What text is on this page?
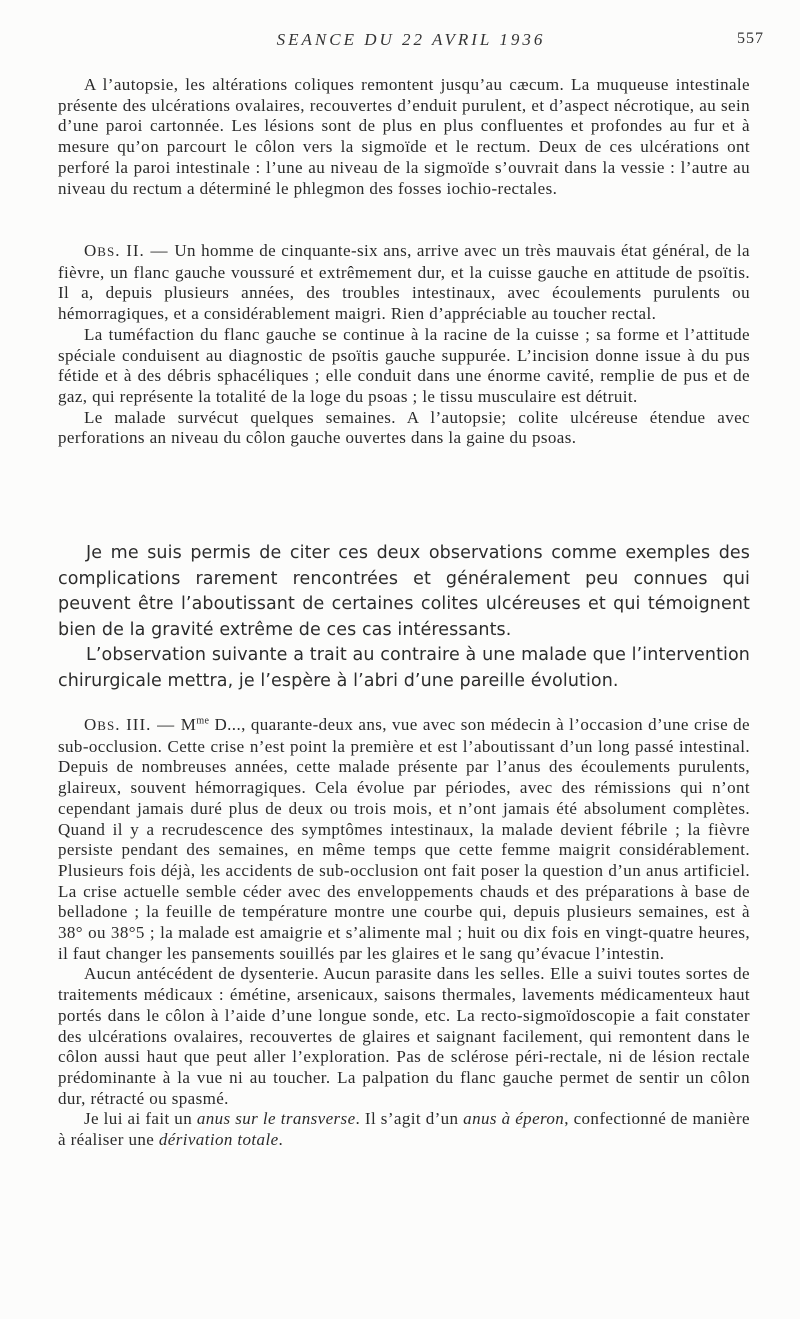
SEANCE DU 22 AVRIL 1936	557

A l’autopsie, les altérations coliques remontent jusqu’au cæcum. La muqueuse intestinale présente des ulcérations ovalaires, recouvertes d’enduit purulent, et d’aspect nécrotique, au sein d’une paroi cartonnée. Les lésions sont de plus en plus confluentes et profondes au fur et à mesure qu’on parcourt le côlon vers la sigmoïde et le rectum. Deux de ces ulcérations ont perforé la paroi intestinale : l’une au niveau de la sigmoïde s’ouvrait dans la vessie : l’autre au niveau du rectum a déterminé le phlegmon des fosses iochio-rectales.

OBS. II. — Un homme de cinquante-six ans, arrive avec un très mauvais état général, de la fièvre, un flanc gauche voussuré et extrêmement dur, et la cuisse gauche en attitude de psoïtis. Il a, depuis plusieurs années, des troubles intestinaux, avec écoulements purulents ou hémorragiques, et a considérablement maigri. Rien d’appréciable au toucher rectal.

La tuméfaction du flanc gauche se continue à la racine de la cuisse ; sa forme et l’attitude spéciale conduisent au diagnostic de psoïtis gauche suppurée. L’incision donne issue à du pus fétide et à des débris sphacéliques ; elle conduit dans une énorme cavité, remplie de pus et de gaz, qui représente la totalité de la loge du psoas ; le tissu musculaire est détruit.

Le malade survécut quelques semaines. A l’autopsie; colite ulcéreuse étendue avec perforations an niveau du côlon gauche ouvertes dans la gaine du psoas.

Je me suis permis de citer ces deux observations comme exemples des complications rarement rencontrées et généralement peu connues qui peuvent être l’aboutissant de certaines colites ulcéreuses et qui témoignent bien de la gravité extrême de ces cas intéressants.

L’observation suivante a trait au contraire à une malade que l’intervention chirurgicale mettra, je l’espère à l’abri d’une pareille évolution.

OBS. III. — $M^{me}$ D..., quarante-deux ans, vue avec son médecin à l’occasion d’une crise de sub-occlusion. Cette crise n’est point la première et est l’aboutissant d’un long passé intestinal. Depuis de nombreuses années, cette malade présente par l’anus des écoulements purulents, glaireux, souvent hémorragiques. Cela évolue par périodes, avec des rémissions qui n’ont cependant jamais duré plus de deux ou trois mois, et n’ont jamais été absolument complètes. Quand il y a recrudescence des symptômes intestinaux, la malade devient fébrile ; la fièvre persiste pendant des semaines, en même temps que cette femme maigrit considérablement. Plusieurs fois déjà, les accidents de sub-occlusion ont fait poser la question d’un anus artificiel. La crise actuelle semble céder avec des enveloppements chauds et des préparations à base de belladone ; la feuille de température montre une courbe qui, depuis plusieurs semaines, est à 38° ou 38°5 ; la malade est amaigrie et s’alimente mal ; huit ou dix fois en vingt-quatre heures, il faut changer les pansements souillés par les glaires et le sang qu’évacue l’intestin.

Aucun antécédent de dysenterie. Aucun parasite dans les selles. Elle a suivi toutes sortes de traitements médicaux : émétine, arsenicaux, saisons thermales, lavements médicamenteux haut portés dans le côlon à l’aide d’une longue sonde, etc. La recto-sigmoïdoscopie a fait constater des ulcérations ovalaires, recouvertes de glaires et saignant facilement, qui remontent dans le côlon aussi haut que peut aller l’exploration. Pas de sclérose péri-rectale, ni de lésion rectale prédominante à la vue ni au toucher. La palpation du flanc gauche permet de sentir un côlon dur, rétracté ou spasmé.

Je lui ai fait un anus sur le transverse. Il s’agit d’un anus à éperon, confectionné de manière à réaliser une dérivation totale.
